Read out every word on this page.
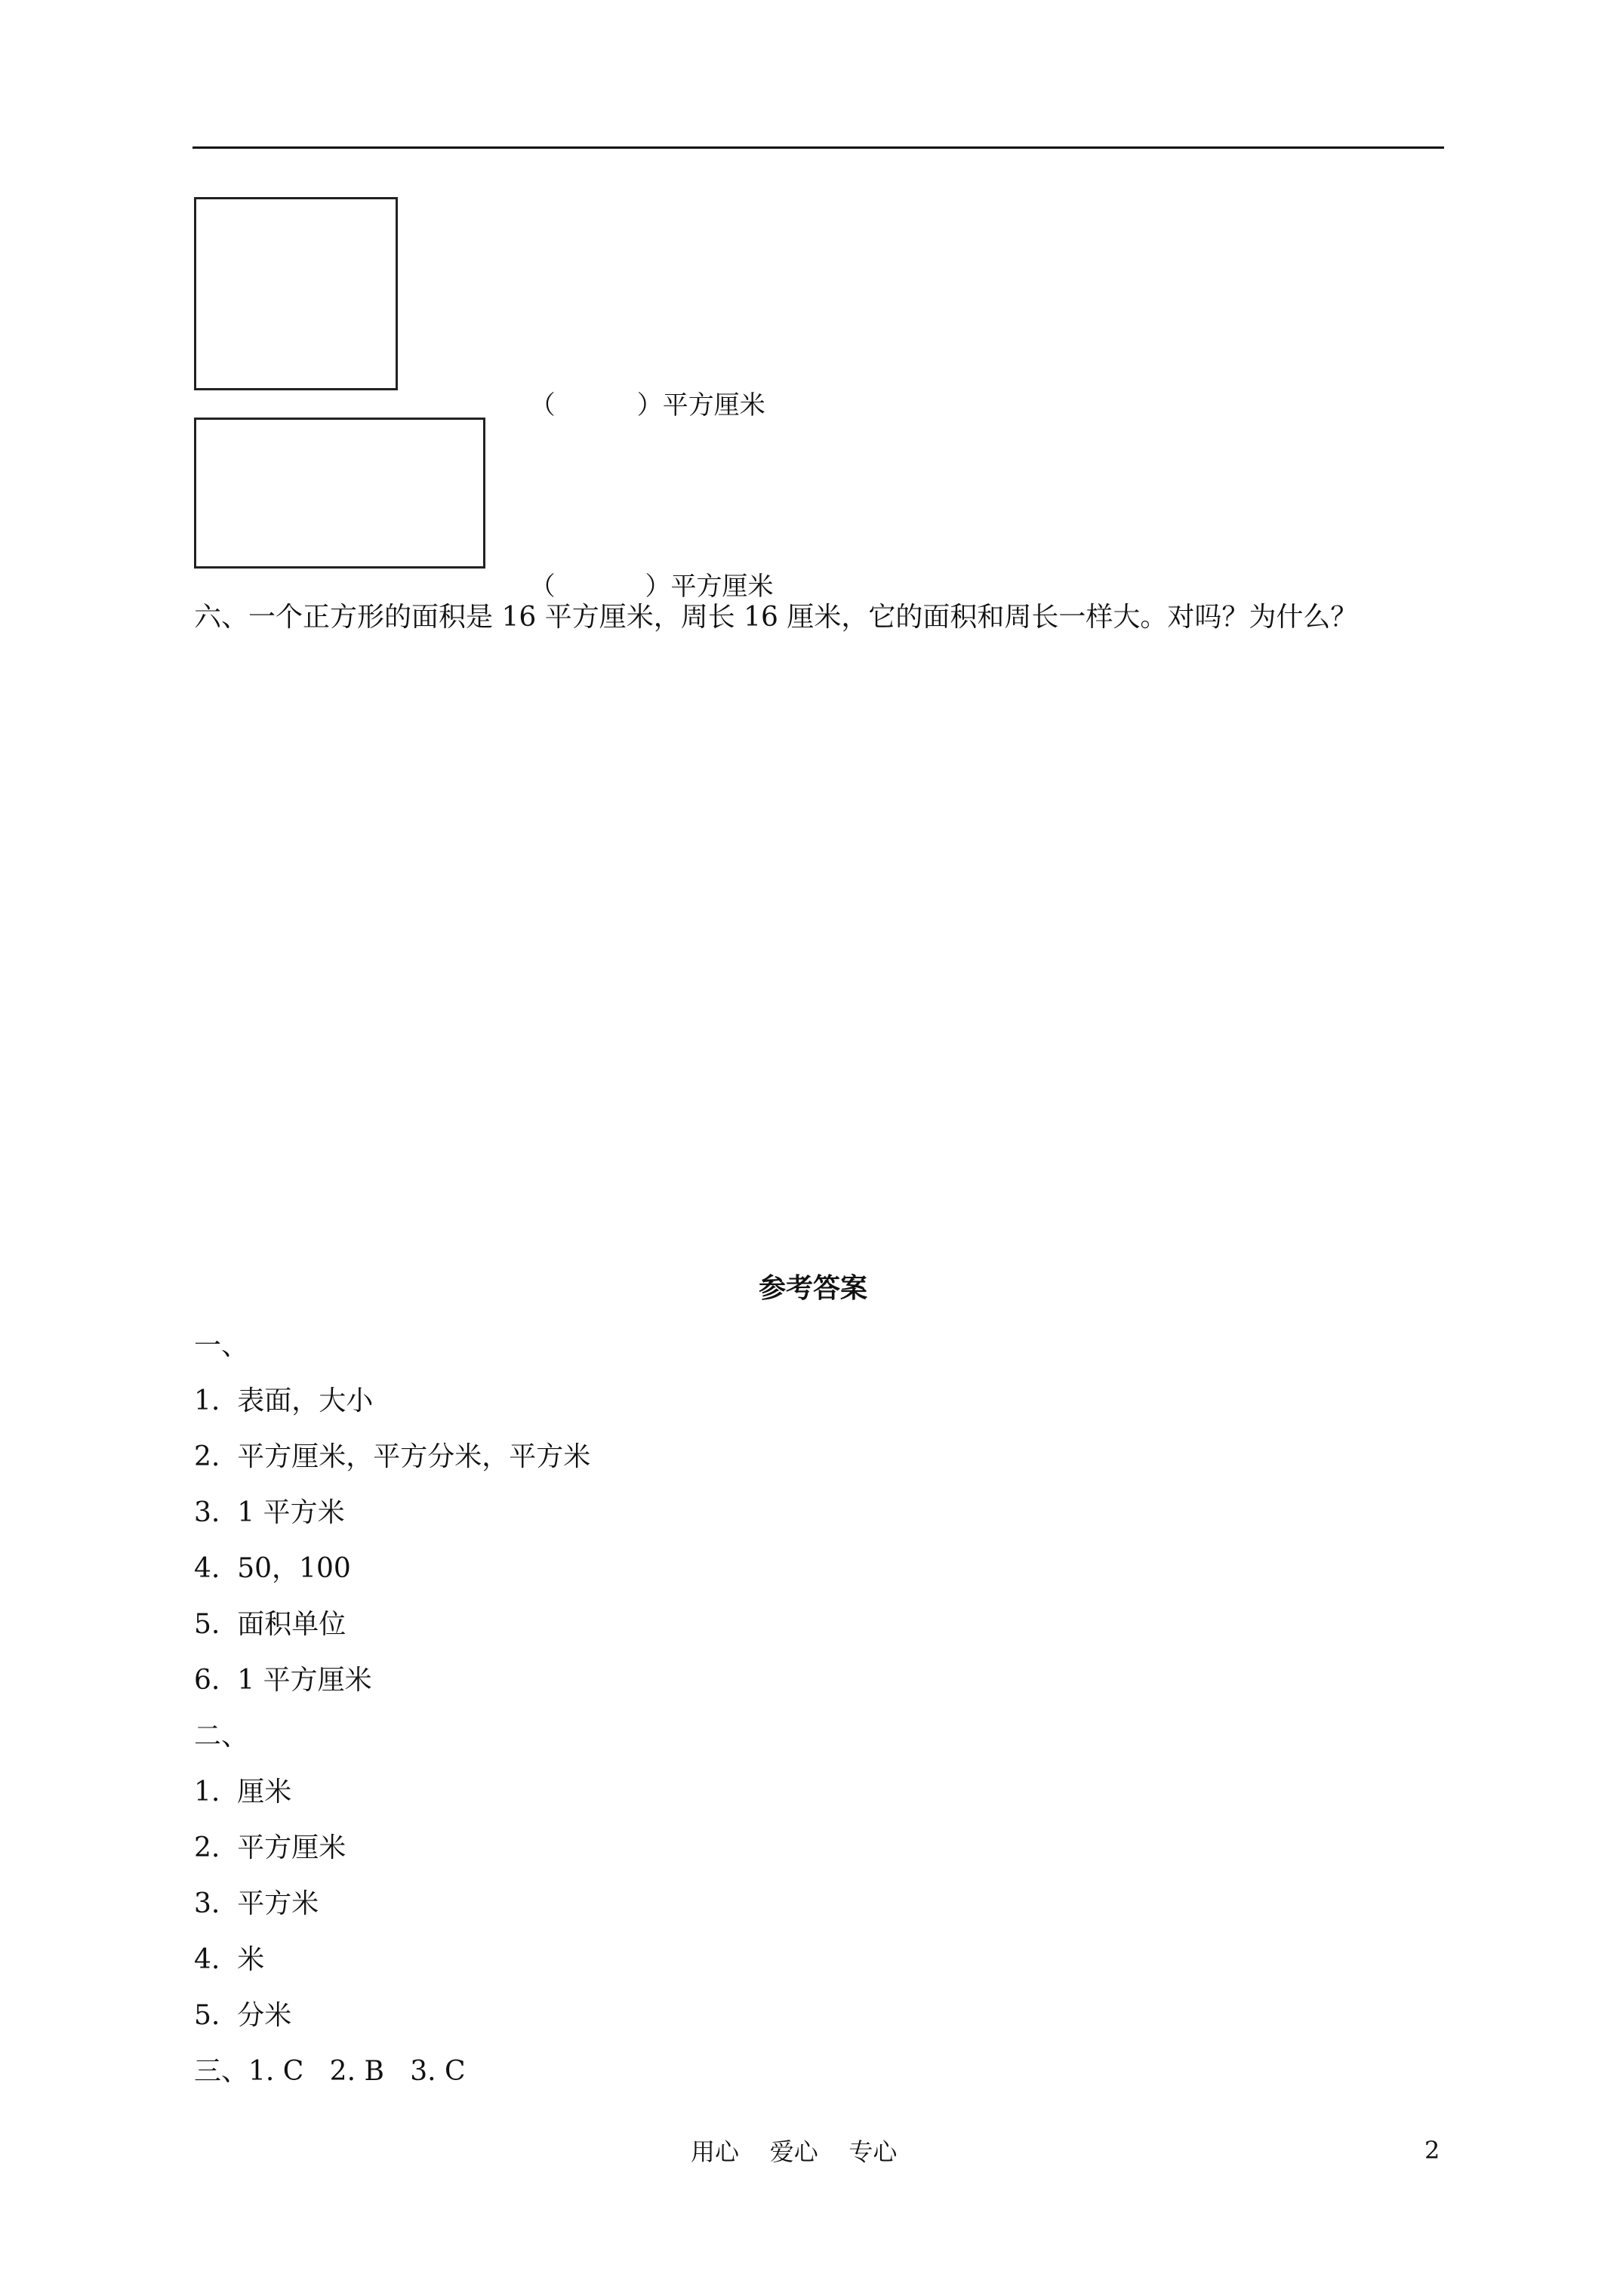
（	）平方厘米

（	）平方厘米

六、一个正方形的面积是 16 平方厘米，周长 16 厘米，它的面积和周长一样大。对吗？为什么？
参考答案
一、
1.  表面，大小
2.  平方厘米，平方分米，平方米
3.  1 平方米
4.  50，100
5.  面积单位
6.  1 平方厘米
二、
1.  厘米
2.  平方厘米
3.  平方米
4.  米
5.  分米
三、1. C   2. B   3. C
用心    爱心    专心	2
